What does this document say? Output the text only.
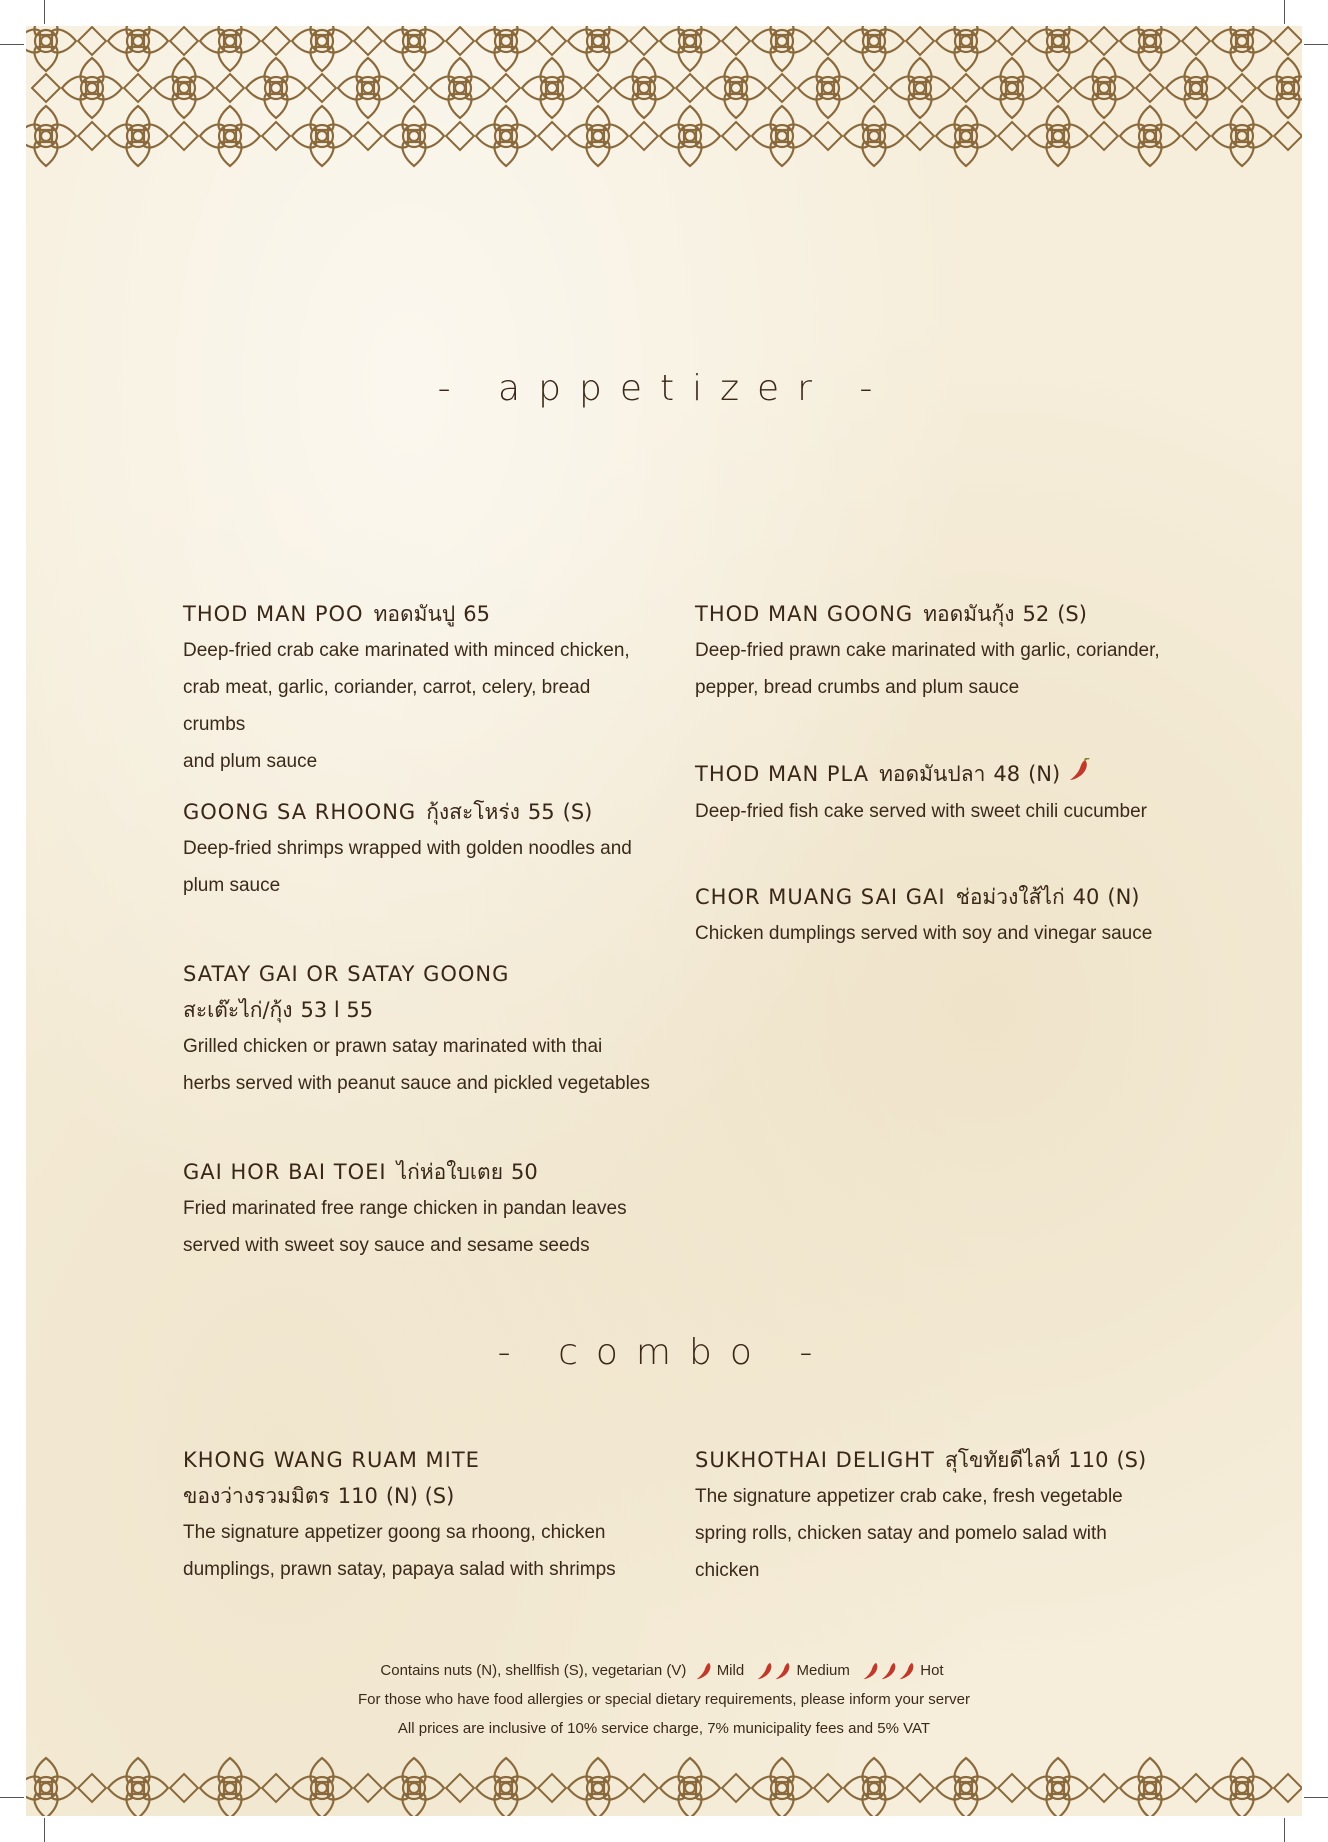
- appetizer -
THOD MAN POO ทอดมันปู 65
Deep-fried crab cake marinated with minced chicken,
crab meat, garlic, coriander, carrot, celery, bread crumbs
and plum sauce
GOONG SA RHOONG กุ้งสะโหร่ง 55 (S)
Deep-fried shrimps wrapped with golden noodles and
plum sauce
SATAY GAI OR SATAY GOONG
สะเต๊ะไก่/กุ้ง 53 l 55
Grilled chicken or prawn satay marinated with thai
herbs served with peanut sauce and pickled vegetables
GAI HOR BAI TOEI ไก่ห่อใบเตย 50
Fried marinated free range chicken in pandan leaves
served with sweet soy sauce and sesame seeds
THOD MAN GOONG ทอดมันกุ้ง 52 (S)
Deep-fried prawn cake marinated with garlic, coriander,
pepper, bread crumbs and plum sauce
THOD MAN PLA ทอดมันปลา 48 (N)
Deep-fried fish cake served with sweet chili cucumber
CHOR MUANG SAI GAI ช่อม่วงใส้ไก่ 40 (N)
Chicken dumplings served with soy and vinegar sauce
- combo -
KHONG WANG RUAM MITE
ของว่างรวมมิตร 110 (N) (S)
The signature appetizer goong sa rhoong, chicken
dumplings, prawn satay, papaya salad with shrimps
SUKHOTHAI DELIGHT สุโขทัยดีไลท์ 110 (S)
The signature appetizer crab cake, fresh vegetable
spring rolls, chicken satay and pomelo salad with
chicken
Contains nuts (N), shellfish (S), vegetarian (V) Mild	Medium	Hot
For those who have food allergies or special dietary requirements, please inform your server
All prices are inclusive of 10% service charge, 7% municipality fees and 5% VAT
